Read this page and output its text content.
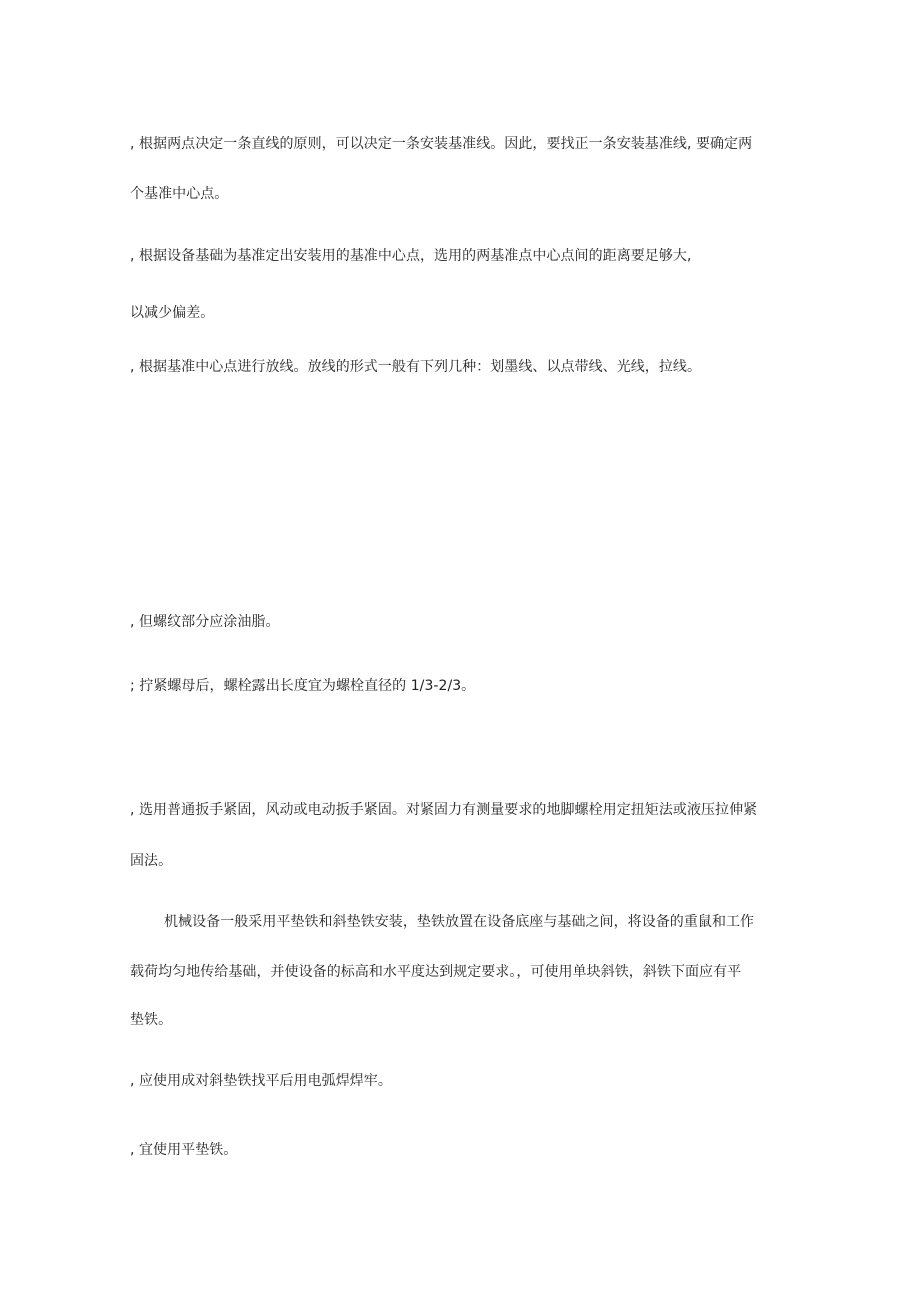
, 根据两点决定一条直线的原则，可以决定一条安装基准线。因此，要找正一条安装基准线, 要确定两
个基准中心点。
, 根据设备基础为基准定出安装用的基准中心点，选用的两基准点中心点间的距离要足够大,
以减少偏差。
, 根据基准中心点进行放线。放线的形式一般有下列几种：划墨线、以点带线、光线，拉线。
, 但螺纹部分应涂油脂。
; 拧紧螺母后，螺栓露出长度宜为螺栓直径的 1/3-2/3。
, 选用普通扳手紧固，风动或电动扳手紧固。对紧固力有测量要求的地脚螺栓用定扭矩法或液压拉伸紧
固法。
机械设备一般采用平垫铁和斜垫铁安装，垫铁放置在设备底座与基础之间，将设备的重鼠和工作
载荷均匀地传给基础，并使设备的标高和水平度达到规定要求。，可使用单块斜铁，斜铁下面应有平
垫铁。
, 应使用成对斜垫铁找平后用电弧焊焊牢。
, 宜使用平垫铁。
